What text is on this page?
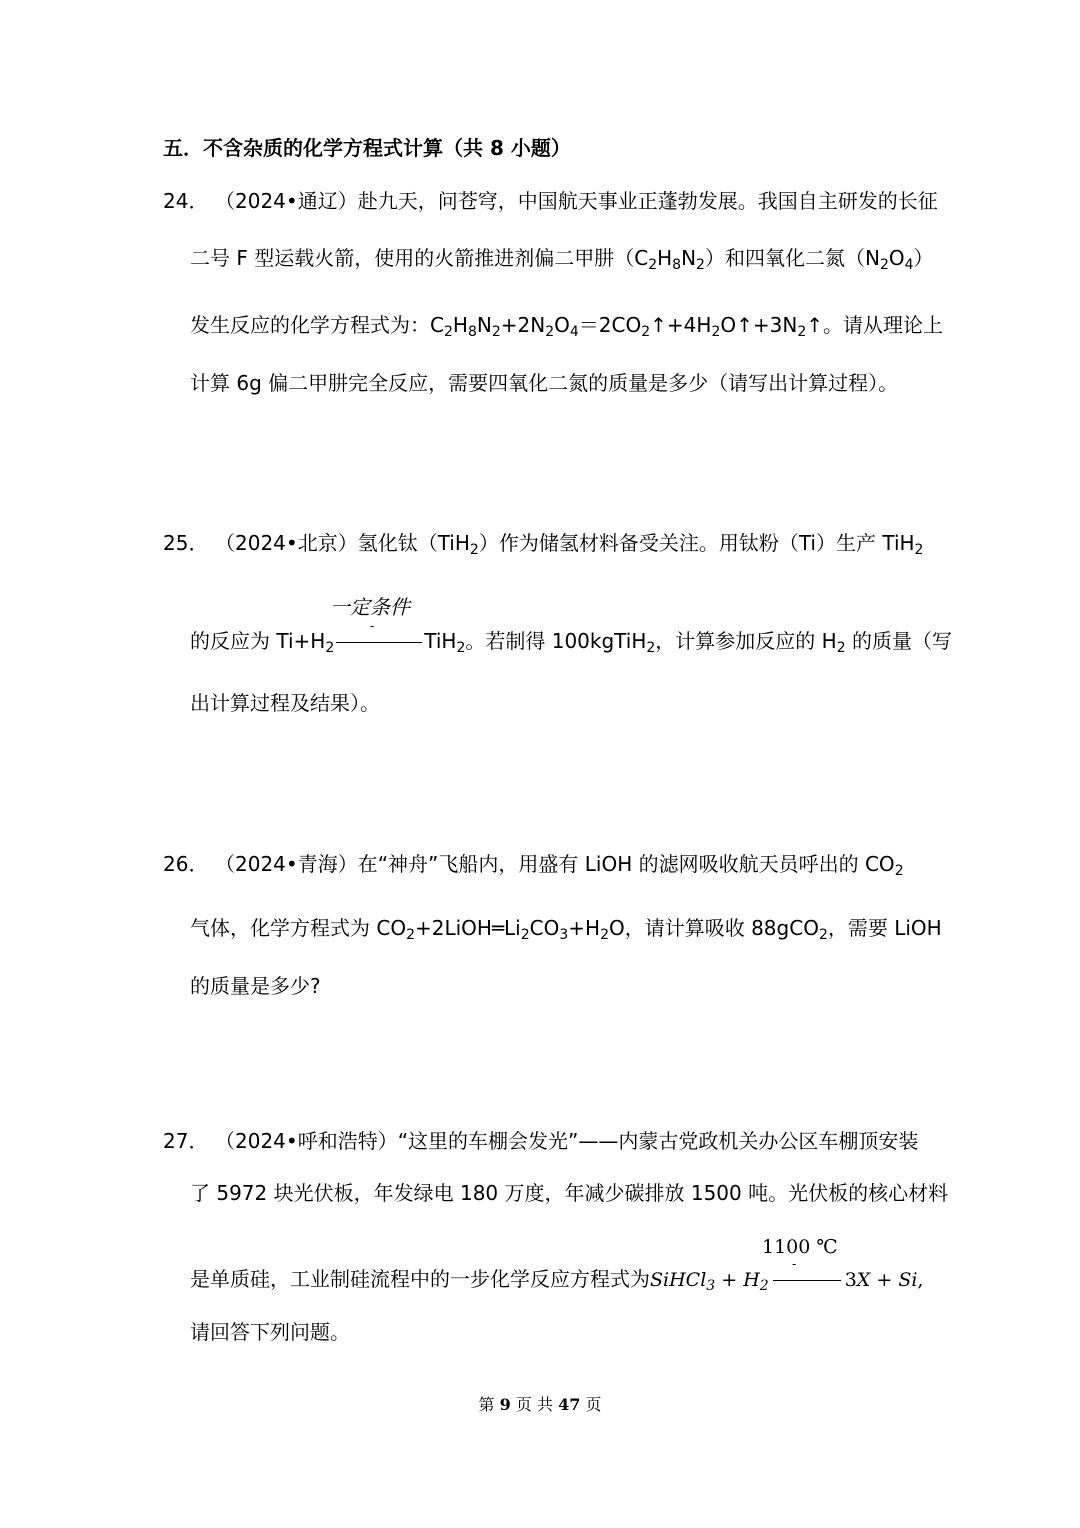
五．不含杂质的化学方程式计算（共 8 小题）
24． （2024•通辽）赴九天，问苍穹，中国航天事业正蓬勃发展。我国自主研发的长征
二号 F 型运载火箭，使用的火箭推进剂偏二甲肼$(C_2H_8N_2)$和四氧化二氮$(N_2O_4)$
发生反应的化学方程式为：$C_2H_8N_2+2N_2O_4=2CO_2↑+4H_2O↑+3N_2↑$。请从理论上
计算 6g 偏二甲肼完全反应，需要四氧化二氮的质量是多少（请写出计算过程）。
25． （2024•北京）氢化钛（TiH$_2$）作为储氢材料备受关注。用钛粉（Ti）生产 TiH$_2$
一定条件
-
的反应为 $Ti+H_2$	TiH$_2$。若制得 100kgTiH$_2$，计算参加反应的 $H_2$ 的质量（写
出计算过程及结果）。
26． （2024•青海）在“神舟”飞船内，用盛有 LiOH 的滤网吸收航天员呼出的 $CO_2$
气体，化学方程式为 $CO_2+2LiOH═Li_2CO_3+H_2O$，请计算吸收 88gCO$_2$，需要 LiOH
的质量是多少?
27． （2024•呼和浩特）“这里的车棚会发光”——内蒙古党政机关办公区车棚顶安装
了 5972 块光伏板，年发绿电 180 万度，年减少碳排放 1500 吨。光伏板的核心材料
1100 ℃
-
是单质硅，工业制硅流程中的一步化学反应方程式为SiHCl$_3$ + $H_2$	3X + Si,
请回答下列问题。
第 9 页 共 47 页
